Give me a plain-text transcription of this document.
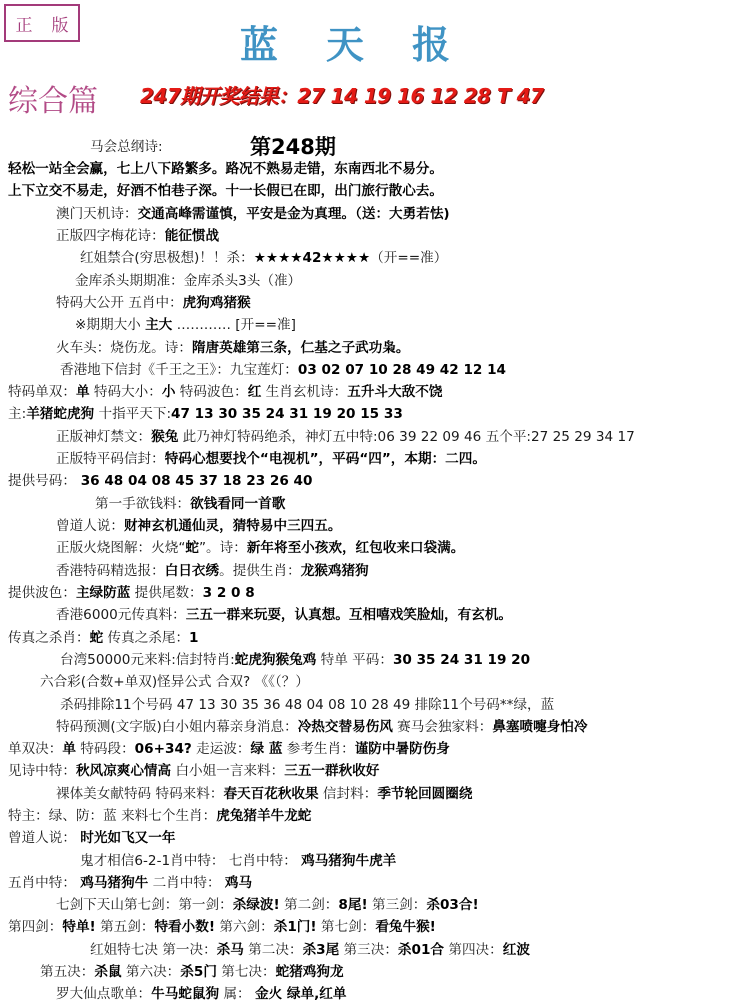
正 版	蓝天报
综合篇 247期开奖结果：27 14 19 16 12 28 T 47
马会总纲诗:	第248期
轻松一站全会赢，七上八下路繁多。路况不熟易走错，东南西北不易分。
上下立交不易走，好酒不怕巷子深。十一长假已在即，出门旅行散心去。
澳门天机诗：交通高峰需谨慎，平安是金为真理。（送：大勇若怯)
正版四字梅花诗：能征惯战
红姐禁合(穷思极想)！！杀：★★★★42★★★★（开==准）
金库杀头期期准：金库杀头3头（准）
特码大公开 五肖中：虎狗鸡猪猴
※期期大小 主大 ………… [开==准]
火车头：烧伤龙。诗：隋唐英雄第三条，仁基之子武功枭。
香港地下信封《千王之王》：九宝莲灯：03 02 07 10 28 49 42 12 14
特码单双：单 特码大小：小 特码波色：红 生肖玄机诗：五升斗大敌不饶
主:羊猪蛇虎狗 十指平天下:47 13 30 35 24 31 19 20 15 33
正版神灯禁文：猴兔 此乃神灯特码绝杀，神灯五中特:06 39 22 09 46 五个平:27 25 29 34 17
正版特平码信封：特码心想要找个“电视机”，平码“四”，本期：二四。
提供号码： 36 48 04 08 45 37 18 23 26 40
第一手欲钱料：欲钱看同一首歌
曾道人说：财神玄机通仙灵，猜特易中三四五。
正版火烧图解：火烧“蛇”。诗：新年将至小孩欢，红包收来口袋满。
香港特码精选报：白日衣绣。提供生肖：龙猴鸡猪狗
提供波色：主绿防蓝 提供尾数：3 2 0 8
香港6000元传真料：三五一群来玩耍，认真想。互相嘻戏笑脸灿，有玄机。
传真之杀肖：蛇 传真之杀尾：1
台湾50000元来料:信封特肖:蛇虎狗猴兔鸡 特单 平码：30 35 24 31 19 20
六合彩(合数+单双)怪异公式 合双? 《《（？）
杀码排除11个号码 47 13 30 35 36 48 04 08 10 28 49 排除11个号码**绿，蓝
特码预测(文字版)白小姐内幕亲身消息：冷热交替易伤风 赛马会独家料：鼻塞喷嚏身怕冷
单双决：单 特码段：06+34? 走运波：绿 蓝 参考生肖：谨防中暑防伤身
见诗中特：秋风凉爽心情高 白小姐一言来料：三五一群秋收好
裸体美女献特码 特码来料：春天百花秋收果 信封料：季节轮回圆圈绕
特主：绿、防：蓝 来料七个生肖：虎兔猪羊牛龙蛇
曾道人说： 时光如飞又一年
鬼才相信6-2-1肖中特： 七肖中特： 鸡马猪狗牛虎羊
五肖中特： 鸡马猪狗牛 二肖中特： 鸡马
七剑下天山第七剑：第一剑：杀绿波! 第二剑：8尾! 第三剑：杀03合!
第四剑：特单! 第五剑：特看小数! 第六剑：杀1门! 第七剑：看兔牛猴!
红姐特七决 第一决：杀马 第二决：杀3尾 第三决：杀01合 第四决：红波
第五决：杀鼠 第六决：杀5门 第七决：蛇猪鸡狗龙
罗大仙点歌单：牛马蛇鼠狗 属： 金火 绿单,红单
